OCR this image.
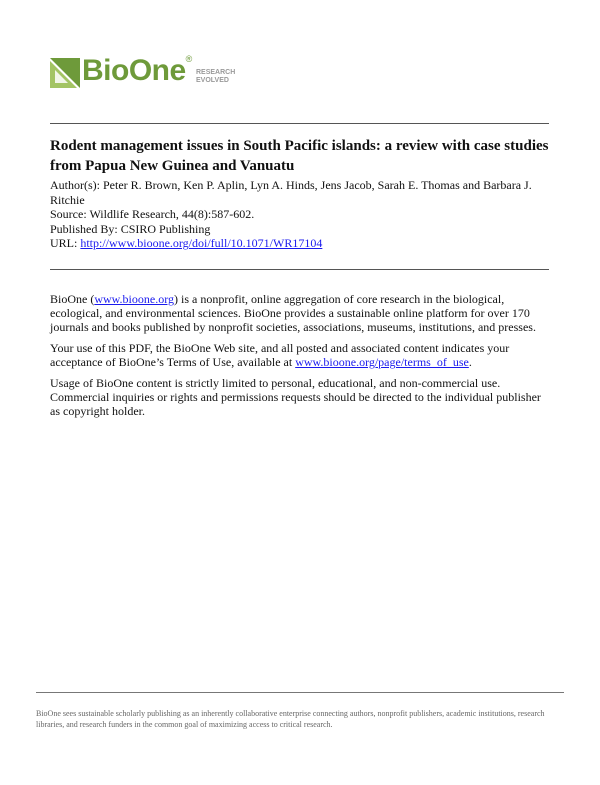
BioOne®
RESEARCH
EVOLVED
Rodent management issues in South Pacific islands: a review with case studies from Papua New Guinea and Vanuatu
Author(s): Peter R. Brown, Ken P. Aplin, Lyn A. Hinds, Jens Jacob, Sarah E. Thomas and Barbara J. Ritchie
Source: Wildlife Research, 44(8):587-602.
Published By: CSIRO Publishing
URL: http://www.bioone.org/doi/full/10.1071/WR17104

BioOne (www.bioone.org) is a nonprofit, online aggregation of core research in the biological, ecological, and environmental sciences. BioOne provides a sustainable online platform for over 170 journals and books published by nonprofit societies, associations, museums, institutions, and presses.

Your use of this PDF, the BioOne Web site, and all posted and associated content indicates your acceptance of BioOne’s Terms of Use, available at www.bioone.org/page/terms_of_use.

Usage of BioOne content is strictly limited to personal, educational, and non-commercial use. Commercial inquiries or rights and permissions requests should be directed to the individual publisher as copyright holder.

BioOne sees sustainable scholarly publishing as an inherently collaborative enterprise connecting authors, nonprofit publishers, academic institutions, research libraries, and research funders in the common goal of maximizing access to critical research.
